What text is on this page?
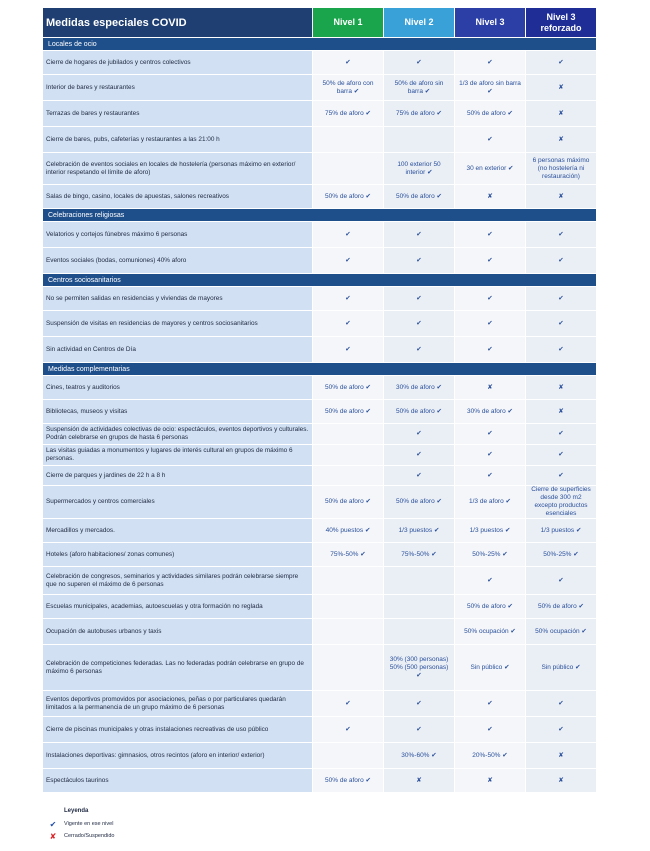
Medidas especiales COVID	Nivel 1	Nivel 2	Nivel 3	Nivel 3 reforzado
Locales de ocio				
Cierre de hogares de jubilados y centros colectivos	✔	✔	✔	✔
Interior de bares y restaurantes	50% de aforo con barra ✔	50% de aforo sin barra ✔	1/3 de aforo sin barra ✔	✘
Terrazas de bares y restaurantes	75% de aforo ✔	75% de aforo ✔	50% de aforo ✔	✘
Cierre de bares, pubs, cafeterías y restaurantes a las 21:00 h			✔	✘
Celebración de eventos sociales en locales de hostelería (personas máximo en exterior/ interior respetando el límite de aforo)		100 exterior 50 interior ✔	30 en exterior ✔	6 personas máximo (no hostelería ni restauración)
Salas de bingo, casino, locales de apuestas, salones recreativos	50% de aforo ✔	50% de aforo ✔	✘	✘
Celebraciones religiosas				
Velatorios y cortejos fúnebres máximo 6 personas	✔	✔	✔	✔
Eventos sociales (bodas, comuniones) 40% aforo	✔	✔	✔	✔
Centros sociosanitarios				
No se permiten salidas en residencias y viviendas de mayores	✔	✔	✔	✔
Suspensión de visitas en residencias de mayores y centros sociosanitarios	✔	✔	✔	✔
Sin actividad en Centros de Día	✔	✔	✔	✔
Medidas complementarias				
Cines, teatros y auditorios	50% de aforo ✔	30% de aforo ✔	✘	✘
Bibliotecas, museos y visitas	50% de aforo ✔	50% de aforo ✔	30% de aforo ✔	✘
Suspensión de actividades colectivas de ocio: espectáculos, eventos deportivos y culturales. Podrán celebrarse en grupos de hasta 6 personas		✔	✔	✔
Las visitas guiadas a monumentos y lugares de interés cultural en grupos de máximo 6 personas.		✔	✔	✔
Cierre de parques y jardines de 22 h a 8 h		✔	✔	✔
Supermercados y centros comerciales	50% de aforo ✔	50% de aforo ✔	1/3 de aforo ✔	Cierre de superficies desde 300 m2 excepto productos esenciales
Mercadillos y mercados.	40% puestos ✔	1/3 puestos ✔	1/3 puestos ✔	1/3 puestos ✔
Hoteles (aforo habitaciones/ zonas comunes)	75%-50% ✔	75%-50% ✔	50%-25% ✔	50%-25% ✔
Celebración de congresos, seminarios y actividades similares podrán celebrarse siempre que no superen el máximo de 6 personas			✔	✔
Escuelas municipales, academias, autoescuelas y otra formación no reglada			50% de aforo ✔	50% de aforo ✔
Ocupación de autobuses urbanos y taxis			50% ocupación ✔	50% ocupación ✔
Celebración de competiciones federadas. Las no federadas podrán celebrarse en grupo de máximo 6 personas		30% (300 personas) 50% (500 personas) ✔	Sin público ✔	Sin público ✔
Eventos deportivos promovidos por asociaciones, peñas o por particulares quedarán limitados a la permanencia de un grupo máximo de 6 personas	✔	✔	✔	✔
Cierre de piscinas municipales y otras instalaciones recreativas de uso público	✔	✔	✔	✔
Instalaciones deportivas: gimnasios, otros recintos (aforo en interior/ exterior)		30%-60% ✔	20%-50% ✔	✘
Espectáculos taurinos	50% de aforo ✔	✘	✘	✘
Leyenda
✔	Vigente en ese nivel
✘	Cerrado/Suspendido
